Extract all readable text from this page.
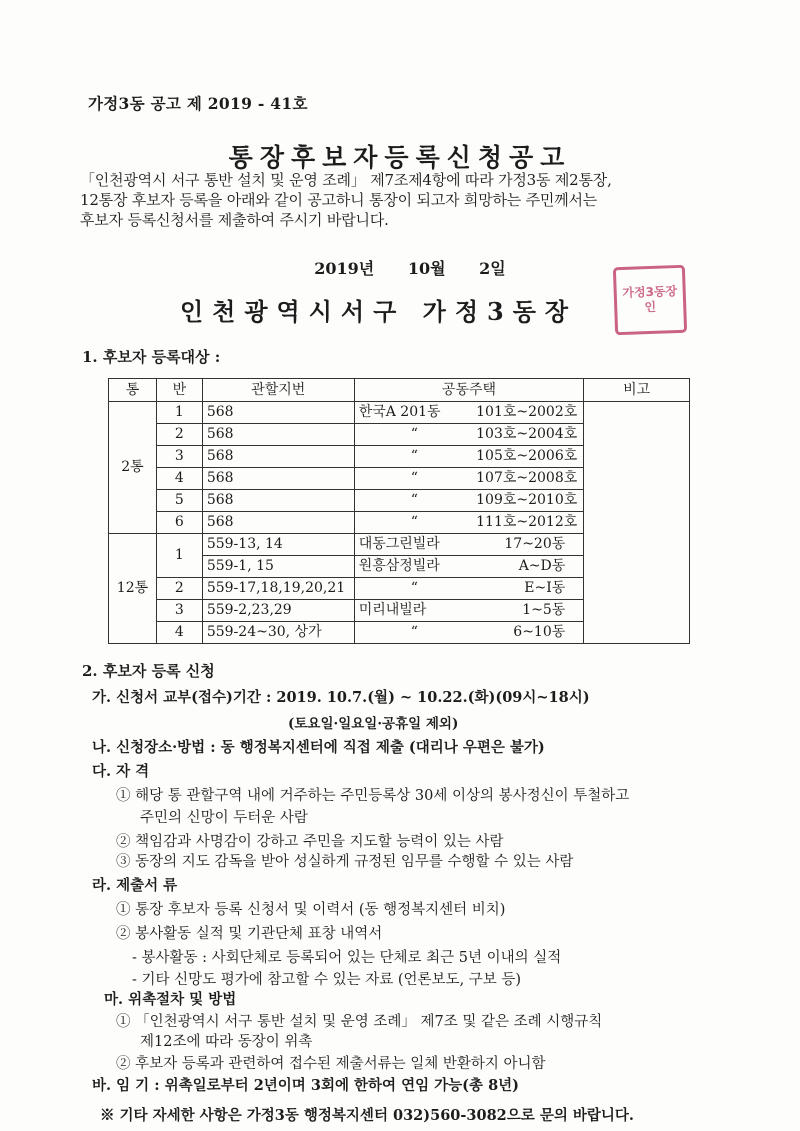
가정3동 공고 제 2019 - 41호
통장후보자등록신청공고
「인천광역시 서구 통반 설치 및 운영 조례」 제7조제4항에 따라 가정3동 제2통장,
12통장 후보자 등록을 아래와 같이 공고하니 통장이 되고자 희망하는 주민께서는
후보자 등록신청서를 제출하여 주시기 바랍니다.
2019년 10월 2일
인천광역시서구 가정3동장
가정3동장인
1. 후보자 등록대상 :
통	반	관할지번	공동주택	비고
2통	1	568	한국A 201동 101호~2002호	

	2	568	“ 103호~2004호	

	3	568	“ 105호~2006호	

	4	568	“ 107호~2008호	

	5	568	“ 109호~2010호	

	6	568	“ 111호~2012호	

12통	1	559-13, 14	대동그린빌라 17~20동	

		559-1, 15	원흥삼정빌라 A~D동	

	2	559-17,18,19,20,21	“ E~I동	

	3	559-2,23,29	미리내빌라 1~5동	

	4	559-24~30, 상가	“ 6~10동	
2. 후보자 등록 신청
가. 신청서 교부(접수)기간 : 2019. 10.7.(월) ~ 10.22.(화)(09시~18시)
(토요일·일요일·공휴일 제외)
나. 신청장소·방법 : 동 행정복지센터에 직접 제출 (대리나 우편은 불가)
다. 자 격
① 해당 통 관할구역 내에 거주하는 주민등록상 30세 이상의 봉사정신이 투철하고
주민의 신망이 두터운 사람
② 책임감과 사명감이 강하고 주민을 지도할 능력이 있는 사람
③ 동장의 지도 감독을 받아 성실하게 규정된 임무를 수행할 수 있는 사람
라. 제출서 류
① 통장 후보자 등록 신청서 및 이력서 (동 행정복지센터 비치)
② 봉사활동 실적 및 기관단체 표창 내역서
- 봉사활동 : 사회단체로 등록되어 있는 단체로 최근 5년 이내의 실적
- 기타 신망도 평가에 참고할 수 있는 자료 (언론보도, 구보 등)
마. 위촉절차 및 방법
① 「인천광역시 서구 통반 설치 및 운영 조례」 제7조 및 같은 조례 시행규칙
제12조에 따라 동장이 위촉
② 후보자 등록과 관련하여 접수된 제출서류는 일체 반환하지 아니함
※ 기타 자세한 사항은 가정3동 행정복지센터 032)560-3082으로 문의 바랍니다.
바. 임 기 : 위촉일로부터 2년이며 3회에 한하여 연임 가능(총 8년)
